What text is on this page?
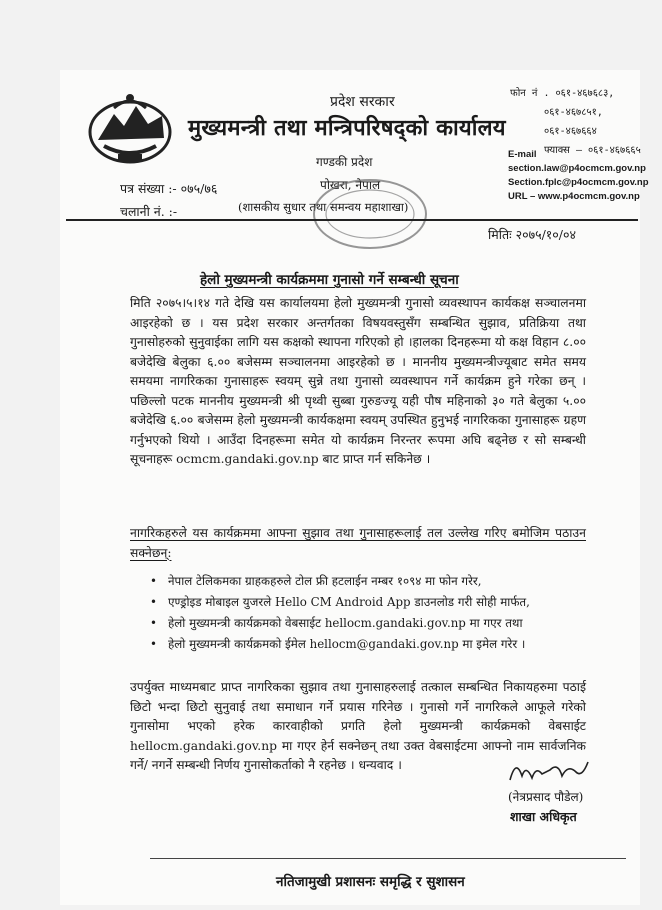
प्रदेश सरकार
मुख्यमन्त्री तथा मन्त्रिपरिषद्को कार्यालय
गण्डकी प्रदेश
पोखरा, नेपाल
(शासकीय सुधार तथा समन्वय महाशाखा)
फोन नं . ०६१-४६७६८३,
०६१-४६७८५१,
०६१-४६७६६४
फ्याक्स — ०६१-४६७६६५
E-mail
section.law@p4ocmcm.gov.np
Section.fplc@p4ocmcm.gov.np
URL – www.p4ocmcm.gov.np
पत्र संख्या :- ०७५/७६
चलानी नं. :-
मितिः २०७५/१०/०४
हेलो मुख्यमन्त्री कार्यक्रममा गुनासो गर्ने सम्बन्धी सूचना
मिति २०७५।५।१४ गते देखि यस कार्यालयमा हेलो मुख्यमन्त्री गुनासो व्यवस्थापन कार्यकक्ष सञ्चालनमा आइरहेको छ । यस प्रदेश सरकार अन्तर्गतका विषयवस्तुसँग सम्बन्धित सुझाव, प्रतिक्रिया तथा गुनासोहरुको सुनुवाईका लागि यस कक्षको स्थापना गरिएको हो ।हालका दिनहरूमा यो कक्ष विहान ८.०० बजेदेखि बेलुका ६.०० बजेसम्म सञ्चालनमा आइरहेको छ । माननीय मुख्यमन्त्रीज्यूबाट समेत समय समयमा नागरिकका गुनासाहरू स्वयम् सुन्ने तथा गुनासो व्यवस्थापन गर्ने कार्यक्रम हुने गरेका छन् । पछिल्लो पटक माननीय मुख्यमन्त्री श्री पृथ्वी सुब्बा गुरुङज्यू यही पौष महिनाको ३० गते बेलुका ५.०० बजेदेखि ६.०० बजेसम्म हेलो मुख्यमन्त्री कार्यकक्षमा स्वयम् उपस्थित हुनुभई नागरिकका गुनासाहरू ग्रहण गर्नुभएको थियो । आउँदा दिनहरूमा समेत यो कार्यक्रम निरन्तर रूपमा अघि बढ्नेछ र सो सम्बन्धी सूचनाहरू ocmcm.gandaki.gov.np बाट प्राप्त गर्न सकिनेछ ।
नागरिकहरुले यस कार्यक्रममा आफ्ना सुझाव तथा गुनासाहरूलाई तल उल्लेख गरिए बमोजिम पठाउन सक्नेछन्:
• नेपाल टेलिकमका ग्राहकहरुले टोल फ्री हटलाईन नम्बर १०९४ मा फोन गरेर,
• एण्ड्रोइड मोबाइल युजरले Hello CM Android App डाउनलोड गरी सोही मार्फत,
• हेलो मुख्यमन्त्री कार्यक्रमको वेबसाईट hellocm.gandaki.gov.np मा गएर तथा
• हेलो मुख्यमन्त्री कार्यक्रमको ईमेल hellocm@gandaki.gov.np मा इमेल गरेर ।
उपर्युक्त माध्यमबाट प्राप्त नागरिकका सुझाव तथा गुनासाहरुलाई तत्काल सम्बन्धित निकायहरुमा पठाई छिटो भन्दा छिटो सुनुवाई तथा समाधान गर्ने प्रयास गरिनेछ । गुनासो गर्ने नागरिकले आफूले गरेको गुनासोमा भएको हरेक कारवाहीको प्रगति हेलो मुख्यमन्त्री कार्यक्रमको वेबसाईट hellocm.gandaki.gov.np मा गएर हेर्न सक्नेछन् तथा उक्त वेबसाईटमा आफ्नो नाम सार्वजनिक गर्ने/ नगर्ने सम्बन्धी निर्णय गुनासोकर्ताको नै रहनेछ । धन्यवाद ।
(नेत्रप्रसाद पौडेल)
शाखा अधिकृत
नतिजामुखी प्रशासनः समृद्धि र सुशासन
